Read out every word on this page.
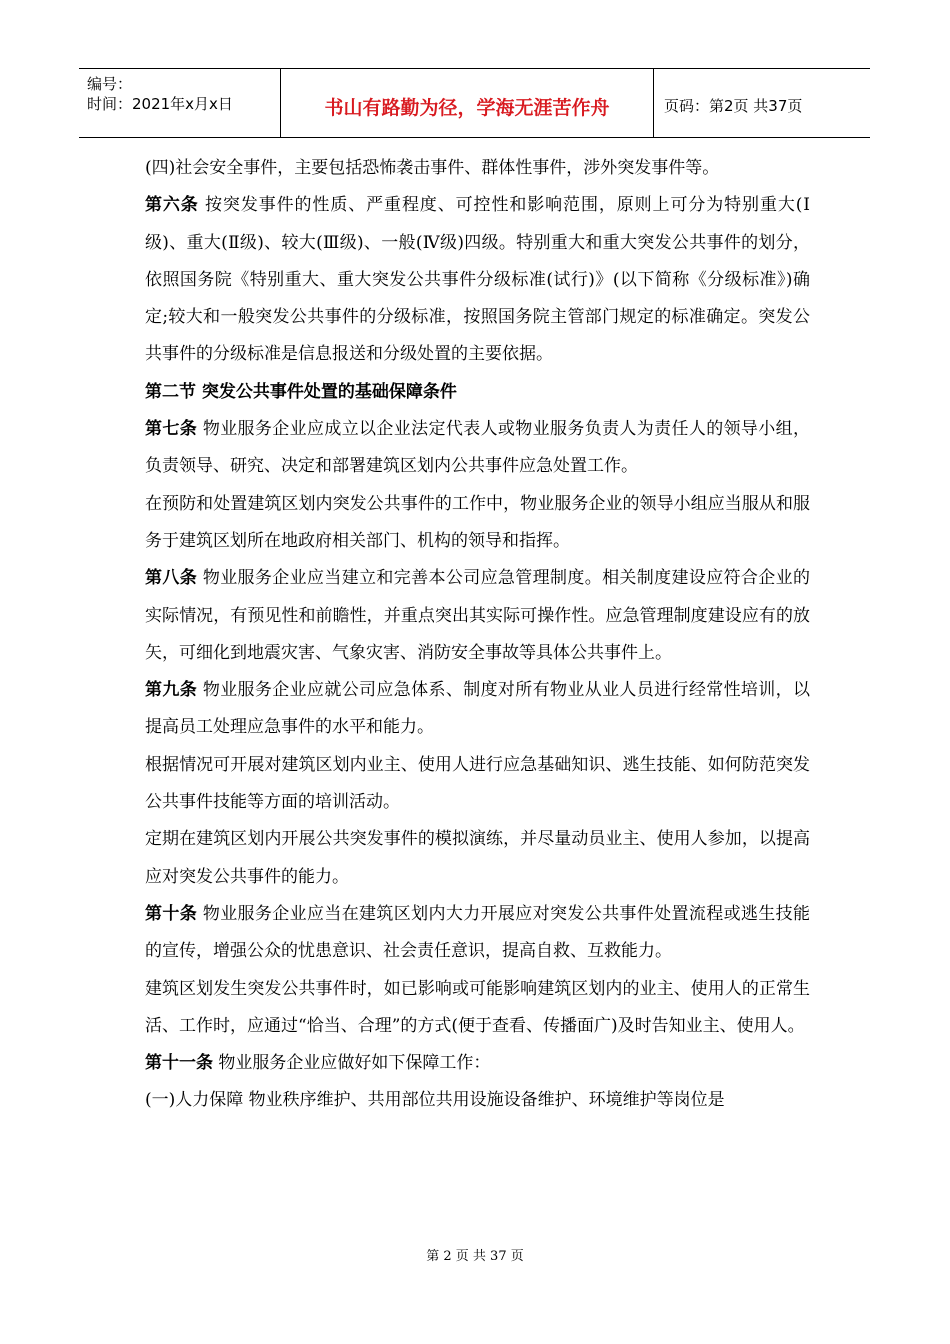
编号：
时间：2021年x月x日	书山有路勤为径，学海无涯苦作舟	页码：第2页 共37页

(四)社会安全事件，主要包括恐怖袭击事件、群体性事件，涉外突发事件等。

第六条 按突发事件的性质、严重程度、可控性和影响范围，原则上可分为特别重大(Ⅰ级)、重大(Ⅱ级)、较大(Ⅲ级)、一般(Ⅳ级)四级。特别重大和重大突发公共事件的划分，依照国务院《特别重大、重大突发公共事件分级标准(试行)》(以下简称《分级标准》)确定;较大和一般突发公共事件的分级标准，按照国务院主管部门规定的标准确定。突发公共事件的分级标准是信息报送和分级处置的主要依据。

第二节 突发公共事件处置的基础保障条件

第七条 物业服务企业应成立以企业法定代表人或物业服务负责人为责任人的领导小组，负责领导、研究、决定和部署建筑区划内公共事件应急处置工作。

在预防和处置建筑区划内突发公共事件的工作中，物业服务企业的领导小组应当服从和服务于建筑区划所在地政府相关部门、机构的领导和指挥。

第八条 物业服务企业应当建立和完善本公司应急管理制度。相关制度建设应符合企业的实际情况，有预见性和前瞻性，并重点突出其实际可操作性。应急管理制度建设应有的放矢，可细化到地震灾害、气象灾害、消防安全事故等具体公共事件上。

第九条 物业服务企业应就公司应急体系、制度对所有物业从业人员进行经常性培训，以提高员工处理应急事件的水平和能力。

根据情况可开展对建筑区划内业主、使用人进行应急基础知识、逃生技能、如何防范突发公共事件技能等方面的培训活动。

定期在建筑区划内开展公共突发事件的模拟演练，并尽量动员业主、使用人参加，以提高应对突发公共事件的能力。

第十条 物业服务企业应当在建筑区划内大力开展应对突发公共事件处置流程或逃生技能的宣传，增强公众的忧患意识、社会责任意识，提高自救、互救能力。

建筑区划发生突发公共事件时，如已影响或可能影响建筑区划内的业主、使用人的正常生活、工作时，应通过“恰当、合理”的方式(便于查看、传播面广)及时告知业主、使用人。

第十一条 物业服务企业应做好如下保障工作：

(一)人力保障 物业秩序维护、共用部位共用设施设备维护、环境维护等岗位是

第 2 页 共 37 页
